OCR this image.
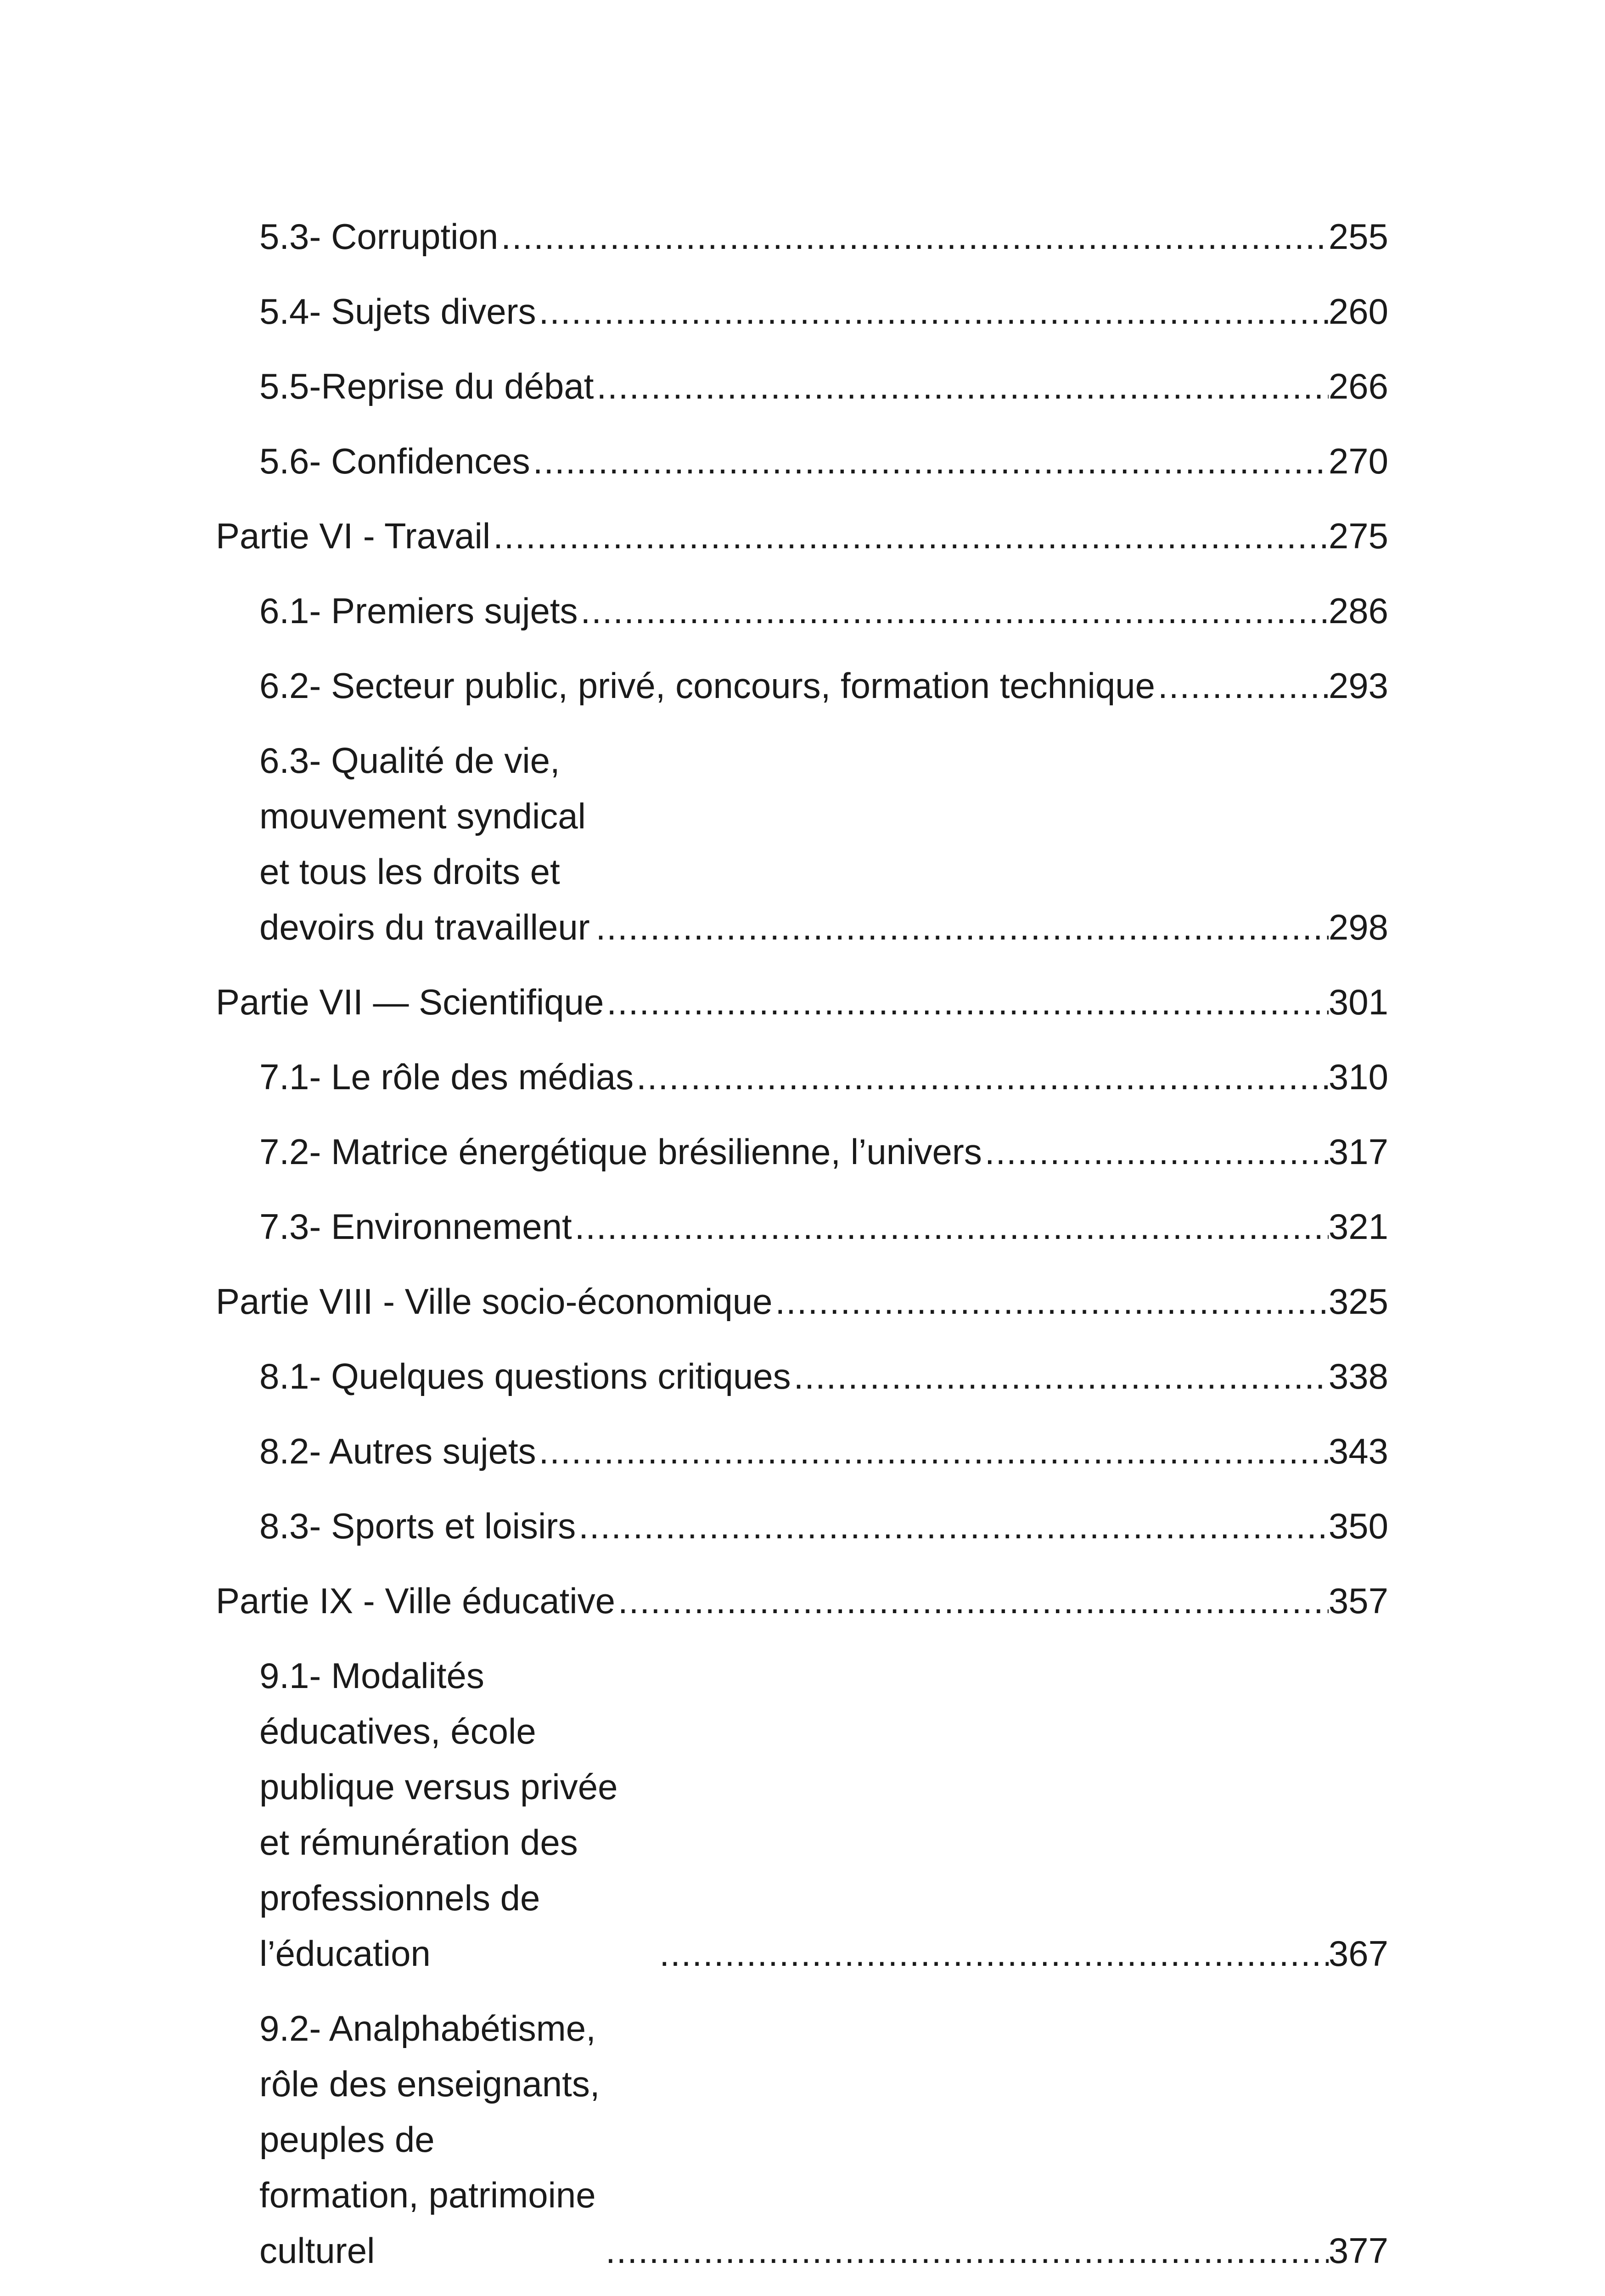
5.3- Corruption .....	255
5.4- Sujets divers .....	260
5.5-Reprise du débat .....	266
5.6- Confidences .....	270
Partie VI - Travail .....	275
6.1- Premiers sujets .....	286
6.2- Secteur public, privé, concours, formation technique .....	293
6.3- Qualité de vie, mouvement syndical et tous les droits et devoirs du travailleur .....	298
Partie VII — Scientifique .....	301
7.1- Le rôle des médias .....	310
7.2- Matrice énergétique brésilienne, l’univers .....	317
7.3- Environnement .....	321
Partie VIII - Ville socio-économique .....	325
8.1- Quelques questions critiques .....	338
8.2- Autres sujets .....	343
8.3- Sports et loisirs .....	350
Partie IX - Ville éducative .....	357
9.1- Modalités éducatives, école publique versus privée et rémunération des professionnels de l’éducation .....	367
9.2- Analphabétisme, rôle des enseignants, peuples de formation, patrimoine culturel .....	377
